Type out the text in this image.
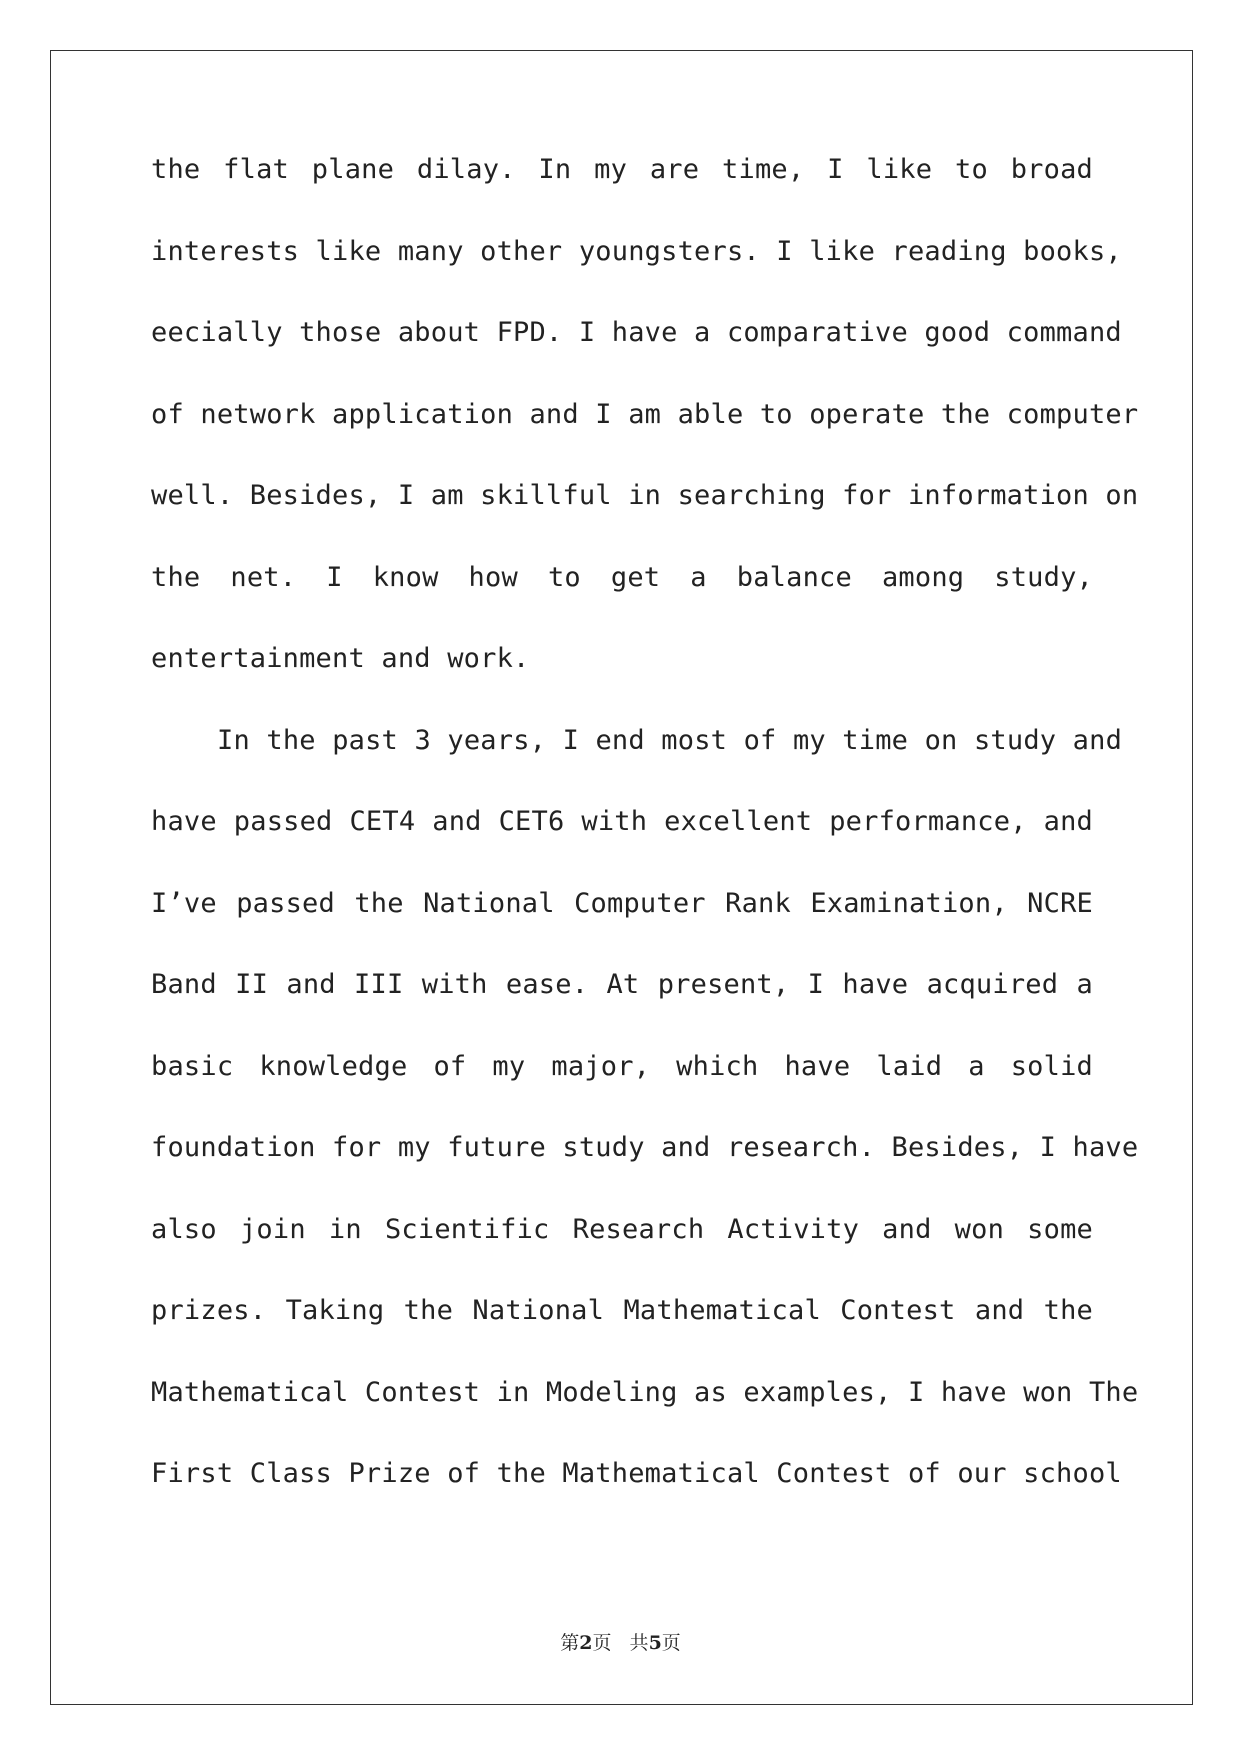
the flat plane dilay. In my are time, I like to broad
interests like many other youngsters. I like reading books,
eecially those about FPD. I have a comparative good command
of network application and I am able to operate the computer
well. Besides, I am skillful in searching for information on
the net. I know how to get a balance among study,
entertainment and work.
In the past 3 years, I end most of my time on study and
have passed CET4 and CET6 with excellent performance, and
I’ve passed the National Computer Rank Examination, NCRE
Band II and III with ease. At present, I have acquired a
basic knowledge of my major, which have laid a solid
foundation for my future study and research. Besides, I have
also join in Scientific Research Activity and won some
prizes. Taking the National Mathematical Contest and the
Mathematical Contest in Modeling as examples, I have won The
First Class Prize of the Mathematical Contest of our school
第2页   共5页
